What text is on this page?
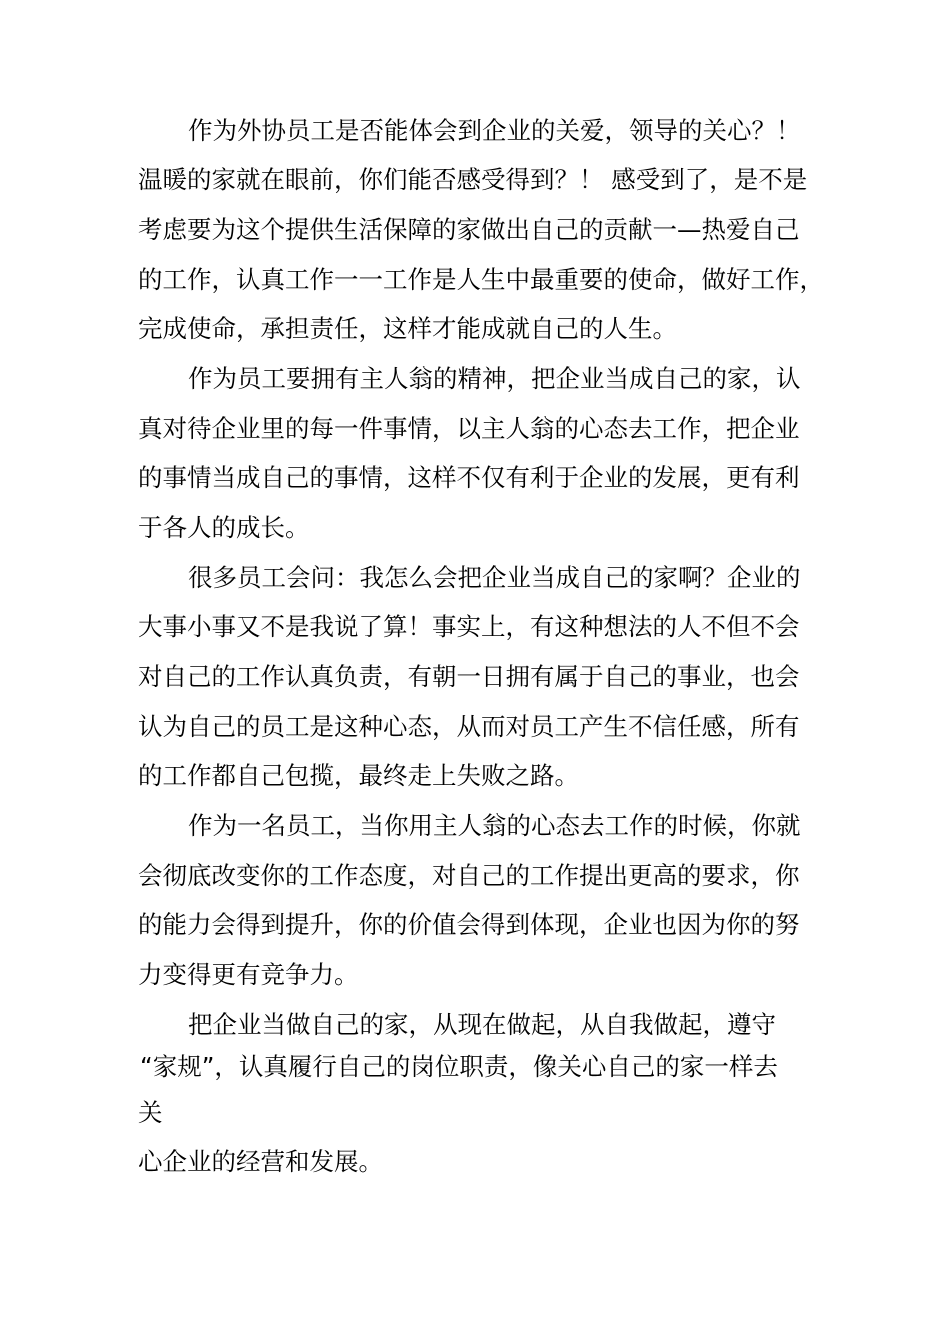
作为外协员工是否能体会到企业的关爱，领导的关心？！
温暖的家就在眼前，你们能否感受得到？！ 感受到了，是不是
考虑要为这个提供生活保障的家做出自己的贡献一—热爱自己
的工作，认真工作一一工作是人生中最重要的使命，做好工作，
完成使命，承担责任，这样才能成就自己的人生。
作为员工要拥有主人翁的精神，把企业当成自己的家，认
真对待企业里的每一件事情，以主人翁的心态去工作，把企业
的事情当成自己的事情，这样不仅有利于企业的发展，更有利
于各人的成长。
很多员工会问：我怎么会把企业当成自己的家啊？企业的
大事小事又不是我说了算！事实上，有这种想法的人不但不会
对自己的工作认真负责，有朝一日拥有属于自己的事业，也会
认为自己的员工是这种心态，从而对员工产生不信任感，所有
的工作都自己包揽，最终走上失败之路。
作为一名员工，当你用主人翁的心态去工作的时候，你就
会彻底改变你的工作态度，对自己的工作提出更高的要求，你
的能力会得到提升，你的价值会得到体现，企业也因为你的努
力变得更有竞争力。
把企业当做自己的家，从现在做起，从自我做起，遵守
“家规”，认真履行自己的岗位职责，像关心自己的家一样去
关
心企业的经营和发展。
